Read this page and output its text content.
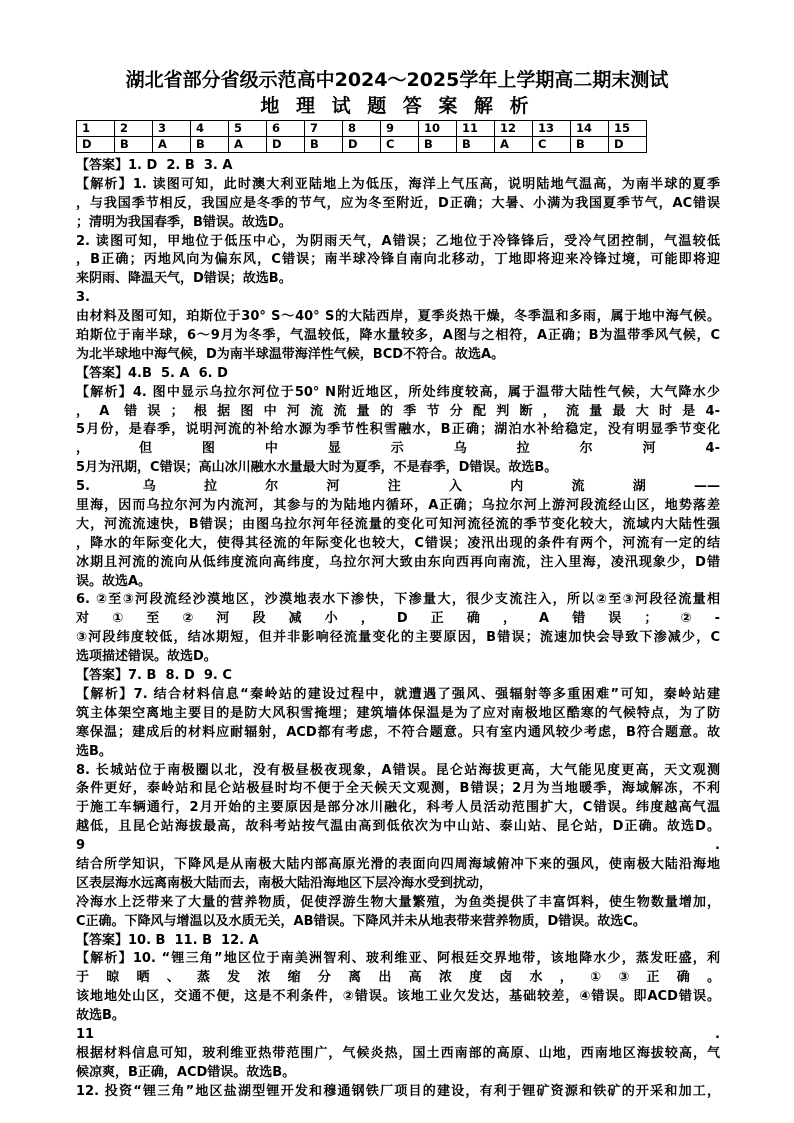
湖北省部分省级示范高中2024～2025学年上学期高二期末测试
地 理 试 题 答 案 解 析
1	2	3	4	5	6	7	8	9	10	11	12	13	14	15
D	B	A	B	A	D	B	D	C	B	B	A	C	B	D
【答案】1. D  2. B  3. A
【解析】1. 读图可知，此时澳大利亚陆地上为低压，海洋上气压高，说明陆地气温高，为南半球的夏季
，与我国季节相反，我国应是冬季的节气，应为冬至附近，D正确；大暑、小满为我国夏季节气，AC错误
；清明为我国春季，B错误。故选D。
2. 读图可知，甲地位于低压中心，为阴雨天气，A错误；乙地位于冷锋锋后，受冷气团控制，气温较低
，B正确；丙地风向为偏东风，C错误；南半球冷锋自南向北移动，丁地即将迎来冷锋过境，可能即将迎
来阴雨、降温天气，D错误；故选B。
3.
由材料及图可知，珀斯位于30° S～40° S的大陆西岸，夏季炎热干燥，冬季温和多雨，属于地中海气候。
珀斯位于南半球，6～9月为冬季，气温较低，降水量较多，A图与之相符，A正确；B为温带季风气候，C
为北半球地中海气候，D为南半球温带海洋性气候，BCD不符合。故选A。
【答案】4.B  5. A  6. D
【解析】4. 图中显示乌拉尔河位于50° N附近地区，所处纬度较高，属于温带大陆性气候，大气降水少
，A 错误；根据图中河流流量的季节分配判断，流量最大时是4-
5月份，是春季，说明河流的补给水源为季节性积雪融水，B正确；湖泊水补给稳定，没有明显季节变化
，但图中显示乌拉尔河4-
5月为汛期，C错误；高山冰川融水水量最大时为夏季，不是春季，D错误。故选B。
5. 乌拉尔河注入内流湖——
里海，因而乌拉尔河为内流河，其参与的为陆地内循环，A正确；乌拉尔河上游河段流经山区，地势落差
大，河流流速快，B错误；由图乌拉尔河年径流量的变化可知河流径流的季节变化较大，流域内大陆性强
，降水的年际变化大，使得其径流的年际变化也较大，C错误；凌汛出现的条件有两个，河流有一定的结
冰期且河流的流向从低纬度流向高纬度，乌拉尔河大致由东向西再向南流，注入里海，凌汛现象少，D错
误。故选A。
6. ②至③河段流经沙漠地区，沙漠地表水下渗快，下渗量大，很少支流注入，所以②至③河段径流量相
对①至②河段减小，D正确，A错误；②-
③河段纬度较低，结冰期短，但并非影响径流量变化的主要原因，B错误；流速加快会导致下渗减少，C
选项描述错误。故选D。
【答案】7. B  8. D  9. C
【解析】7. 结合材料信息“秦岭站的建设过程中，就遭遇了强风、强辐射等多重困难”可知，秦岭站建
筑主体架空离地主要目的是防大风积雪掩埋；建筑墙体保温是为了应对南极地区酷寒的气候特点，为了防
寒保温；建成后的材料应耐辐射，ACD都有考虑，不符合题意。只有室内通风较少考虑，B符合题意。故
选B。
8. 长城站位于南极圈以北，没有极昼极夜现象，A错误。昆仑站海拔更高，大气能见度更高，天文观测
条件更好，泰岭站和昆仑站极昼时均不便于全天候天文观测，B错误；2月为当地暖季，海域解冻，不利
于施工车辆通行，2月开始的主要原因是部分冰川融化，科考人员活动范围扩大，C错误。纬度越高气温
越低，且昆仑站海拔最高，故科考站按气温由高到低依次为中山站、泰山站、昆仑站，D正确。故选D。
9 .
结合所学知识，下降风是从南极大陆内部高原光滑的表面向四周海域俯冲下来的强风，使南极大陆沿海地
区表层海水远离南极大陆而去，南极大陆沿海地区下层冷海水受到扰动，
冷海水上泛带来了大量的营养物质，促使浮游生物大量繁殖，为鱼类提供了丰富饵料，使生物数量增加，
C正确。下降风与增温以及水质无关，AB错误。下降风并未从地表带来营养物质，D错误。故选C。
【答案】10. B  11. B  12. A
【解析】10. “锂三角”地区位于南美洲智利、玻利维亚、阿根廷交界地带，该地降水少，蒸发旺盛，利
于晾晒、蒸发浓缩分离出高浓度卤水，①③正确。
该地地处山区，交通不便，这是不利条件，②错误。该地工业欠发达，基础较差，④错误。即ACD错误。
故选B。
11 .
根据材料信息可知，玻利维亚热带范围广，气候炎热，国土西南部的高原、山地，西南地区海拔较高，气
候凉爽，B正确，ACD错误。故选B。
12. 投资“锂三角”地区盐湖型锂开发和穆通钢铁厂项目的建设，有利于锂矿资源和铁矿的开采和加工，
